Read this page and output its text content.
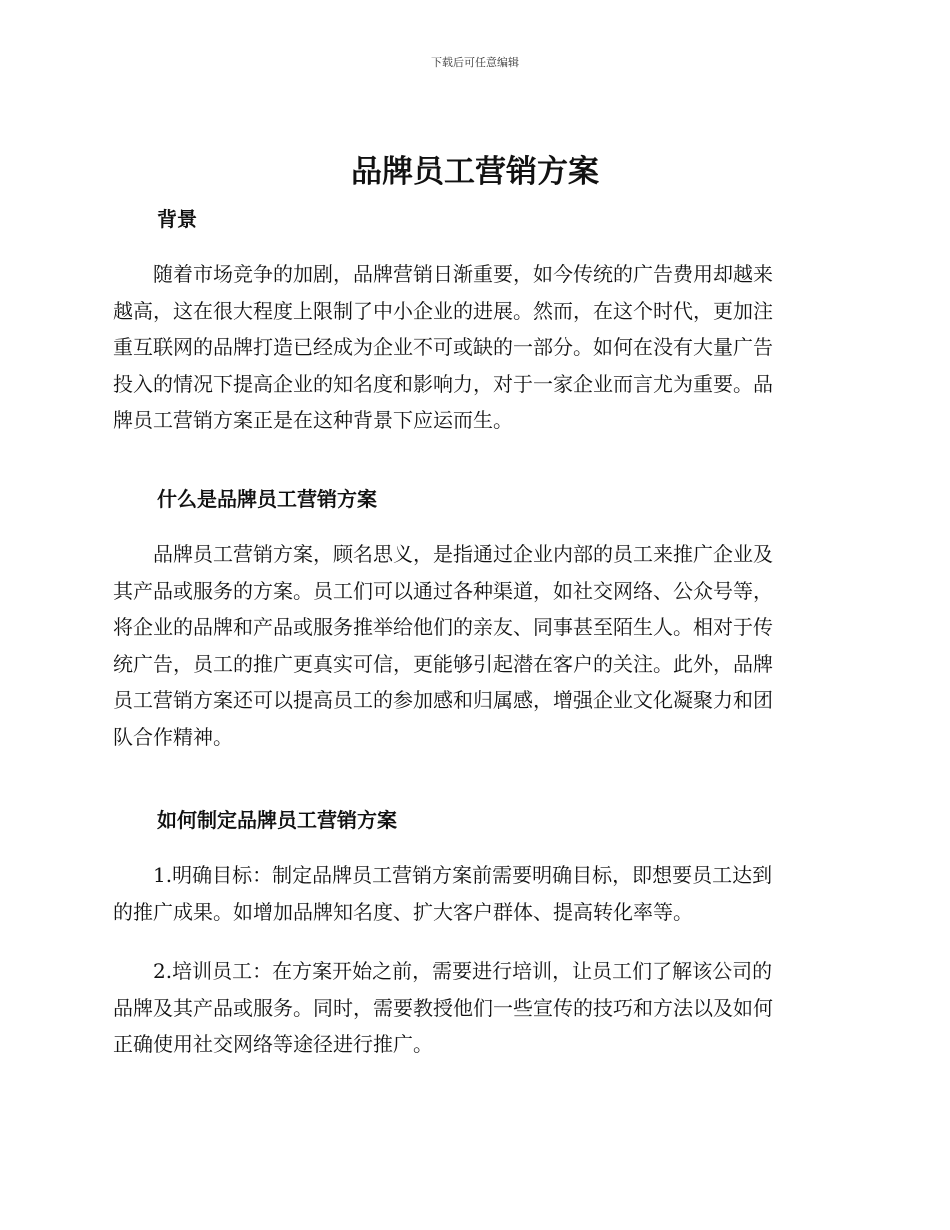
下载后可任意编辑
品牌员工营销方案
背景

　　随着市场竞争的加剧，品牌营销日渐重要，如今传统的广告费用却越来
越高，这在很大程度上限制了中小企业的进展。然而，在这个时代，更加注
重互联网的品牌打造已经成为企业不可或缺的一部分。如何在没有大量广告
投入的情况下提高企业的知名度和影响力，对于一家企业而言尤为重要。品
牌员工营销方案正是在这种背景下应运而生。

什么是品牌员工营销方案

　　品牌员工营销方案，顾名思义，是指通过企业内部的员工来推广企业及
其产品或服务的方案。员工们可以通过各种渠道，如社交网络、公众号等，
将企业的品牌和产品或服务推举给他们的亲友、同事甚至陌生人。相对于传
统广告，员工的推广更真实可信，更能够引起潜在客户的关注。此外，品牌
员工营销方案还可以提高员工的参加感和归属感，增强企业文化凝聚力和团
队合作精神。

如何制定品牌员工营销方案

　　1.明确目标：制定品牌员工营销方案前需要明确目标，即想要员工达到
的推广成果。如增加品牌知名度、扩大客户群体、提高转化率等。

　　2.培训员工：在方案开始之前，需要进行培训，让员工们了解该公司的
品牌及其产品或服务。同时，需要教授他们一些宣传的技巧和方法以及如何
正确使用社交网络等途径进行推广。
